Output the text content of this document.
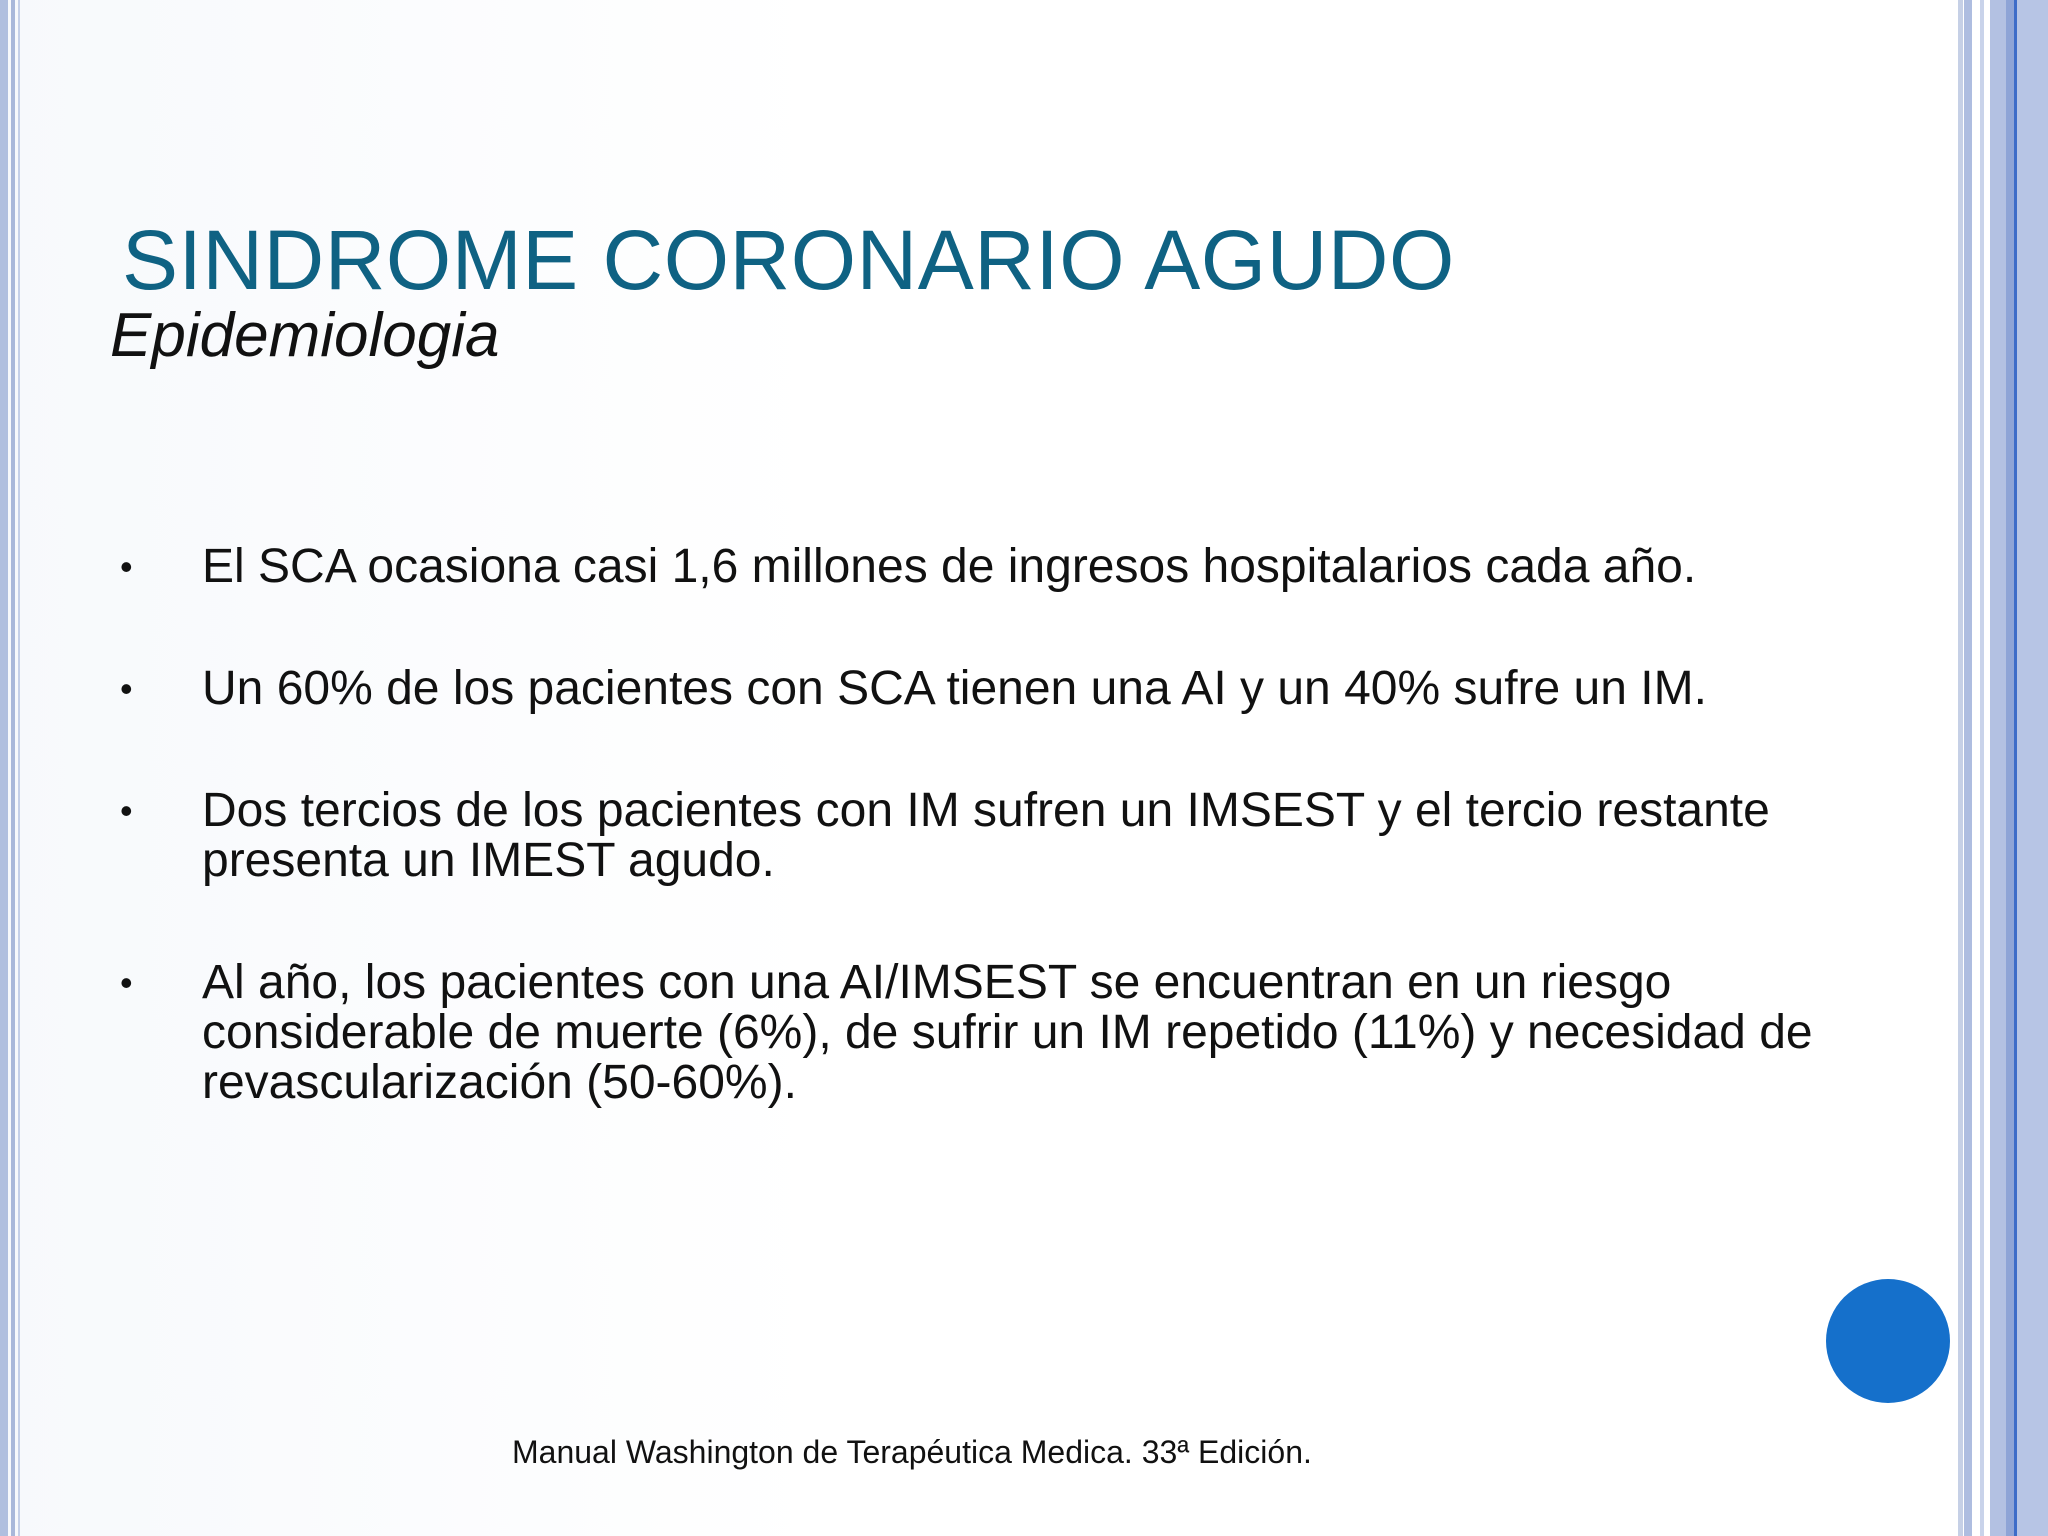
SINDROME CORONARIO AGUDO
Epidemiologia
• El SCA ocasiona casi 1,6 millones de ingresos hospitalarios cada año.
• Un 60% de los pacientes con SCA tienen una AI y un 40% sufre un IM.
• Dos tercios de los pacientes con IM sufren un IMSEST y el tercio restante presenta un IMEST agudo.
• Al año, los pacientes con una AI/IMSEST se encuentran en un riesgo considerable de muerte (6%), de sufrir un IM repetido (11%) y necesidad de revascularización (50-60%).

Manual Washington de Terapéutica Medica. 33ª Edición.
